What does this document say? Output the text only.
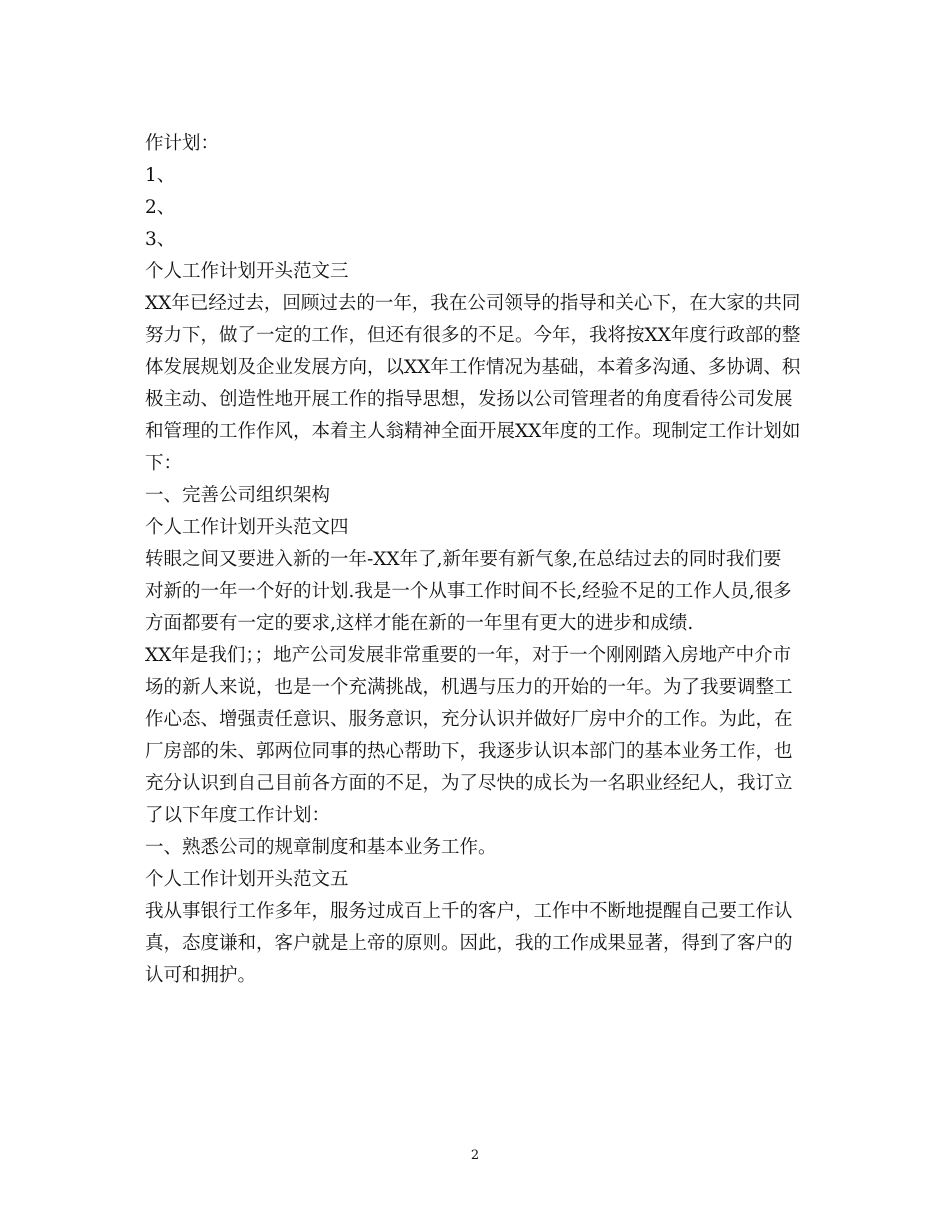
作计划：

1、

2、

3、

个人工作计划开头范文三

XX年已经过去，回顾过去的一年，我在公司领导的指导和关心下，在大家的共同

努力下，做了一定的工作，但还有很多的不足。今年，我将按XX年度行政部的整

体发展规划及企业发展方向，以XX年工作情况为基础，本着多沟通、多协调、积

极主动、创造性地开展工作的指导思想，发扬以公司管理者的角度看待公司发展

和管理的工作作风，本着主人翁精神全面开展XX年度的工作。现制定工作计划如

下：

一、完善公司组织架构

个人工作计划开头范文四

转眼之间又要进入新的一年-XX年了,新年要有新气象,在总结过去的同时我们要

对新的一年一个好的计划.我是一个从事工作时间不长,经验不足的工作人员,很多

方面都要有一定的要求,这样才能在新的一年里有更大的进步和成绩.

XX年是我们；；地产公司发展非常重要的一年，对于一个刚刚踏入房地产中介市

场的新人来说，也是一个充满挑战，机遇与压力的开始的一年。为了我要调整工

作心态、增强责任意识、服务意识，充分认识并做好厂房中介的工作。为此，在

厂房部的朱、郭两位同事的热心帮助下，我逐步认识本部门的基本业务工作，也

充分认识到自己目前各方面的不足，为了尽快的成长为一名职业经纪人，我订立

了以下年度工作计划：

一、熟悉公司的规章制度和基本业务工作。

个人工作计划开头范文五

我从事银行工作多年，服务过成百上千的客户，工作中不断地提醒自己要工作认

真，态度谦和，客户就是上帝的原则。因此，我的工作成果显著，得到了客户的

认可和拥护。

2
